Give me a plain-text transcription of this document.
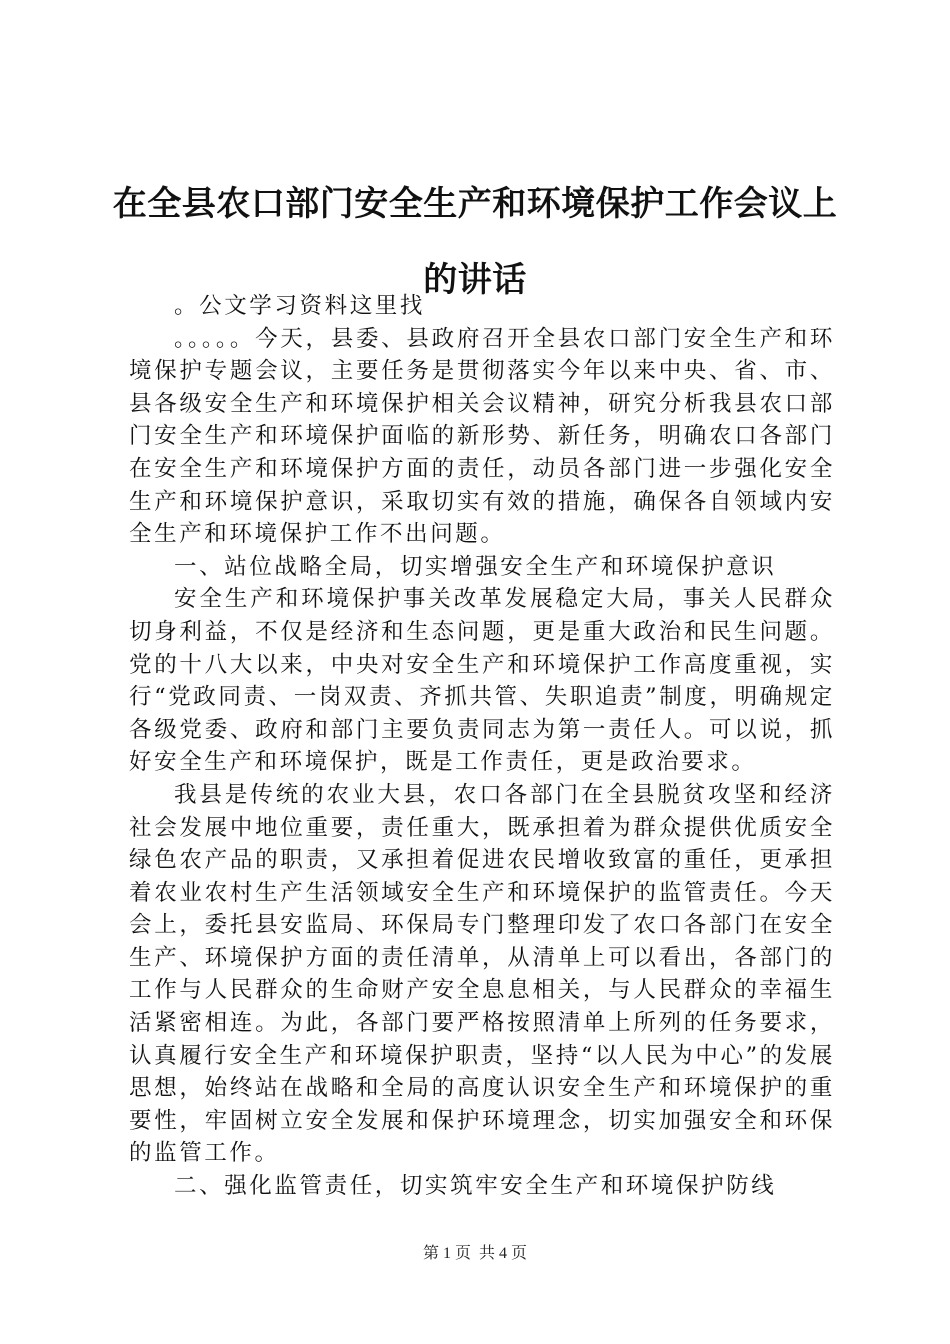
在全县农口部门安全生产和环境保护工作会议上的讲话

。公文学习资料这里找

。。。。。今天，县委、县政府召开全县农口部门安全生产和环境保护专题会议，主要任务是贯彻落实今年以来中央、省、市、县各级安全生产和环境保护相关会议精神，研究分析我县农口部门安全生产和环境保护面临的新形势、新任务，明确农口各部门在安全生产和环境保护方面的责任，动员各部门进一步强化安全生产和环境保护意识，采取切实有效的措施，确保各自领域内安全生产和环境保护工作不出问题。

一、站位战略全局，切实增强安全生产和环境保护意识

安全生产和环境保护事关改革发展稳定大局，事关人民群众切身利益，不仅是经济和生态问题，更是重大政治和民生问题。党的十八大以来，中央对安全生产和环境保护工作高度重视，实行“党政同责、一岗双责、齐抓共管、失职追责”制度，明确规定各级党委、政府和部门主要负责同志为第一责任人。可以说，抓好安全生产和环境保护，既是工作责任，更是政治要求。

我县是传统的农业大县，农口各部门在全县脱贫攻坚和经济社会发展中地位重要，责任重大，既承担着为群众提供优质安全绿色农产品的职责，又承担着促进农民增收致富的重任，更承担着农业农村生产生活领域安全生产和环境保护的监管责任。今天会上，委托县安监局、环保局专门整理印发了农口各部门在安全生产、环境保护方面的责任清单，从清单上可以看出，各部门的工作与人民群众的生命财产安全息息相关，与人民群众的幸福生活紧密相连。为此，各部门要严格按照清单上所列的任务要求，认真履行安全生产和环境保护职责，坚持“以人民为中心”的发展思想，始终站在战略和全局的高度认识安全生产和环境保护的重要性，牢固树立安全发展和保护环境理念，切实加强安全和环保的监管工作。

二、强化监管责任，切实筑牢安全生产和环境保护防线

第 1 页  共 4 页
